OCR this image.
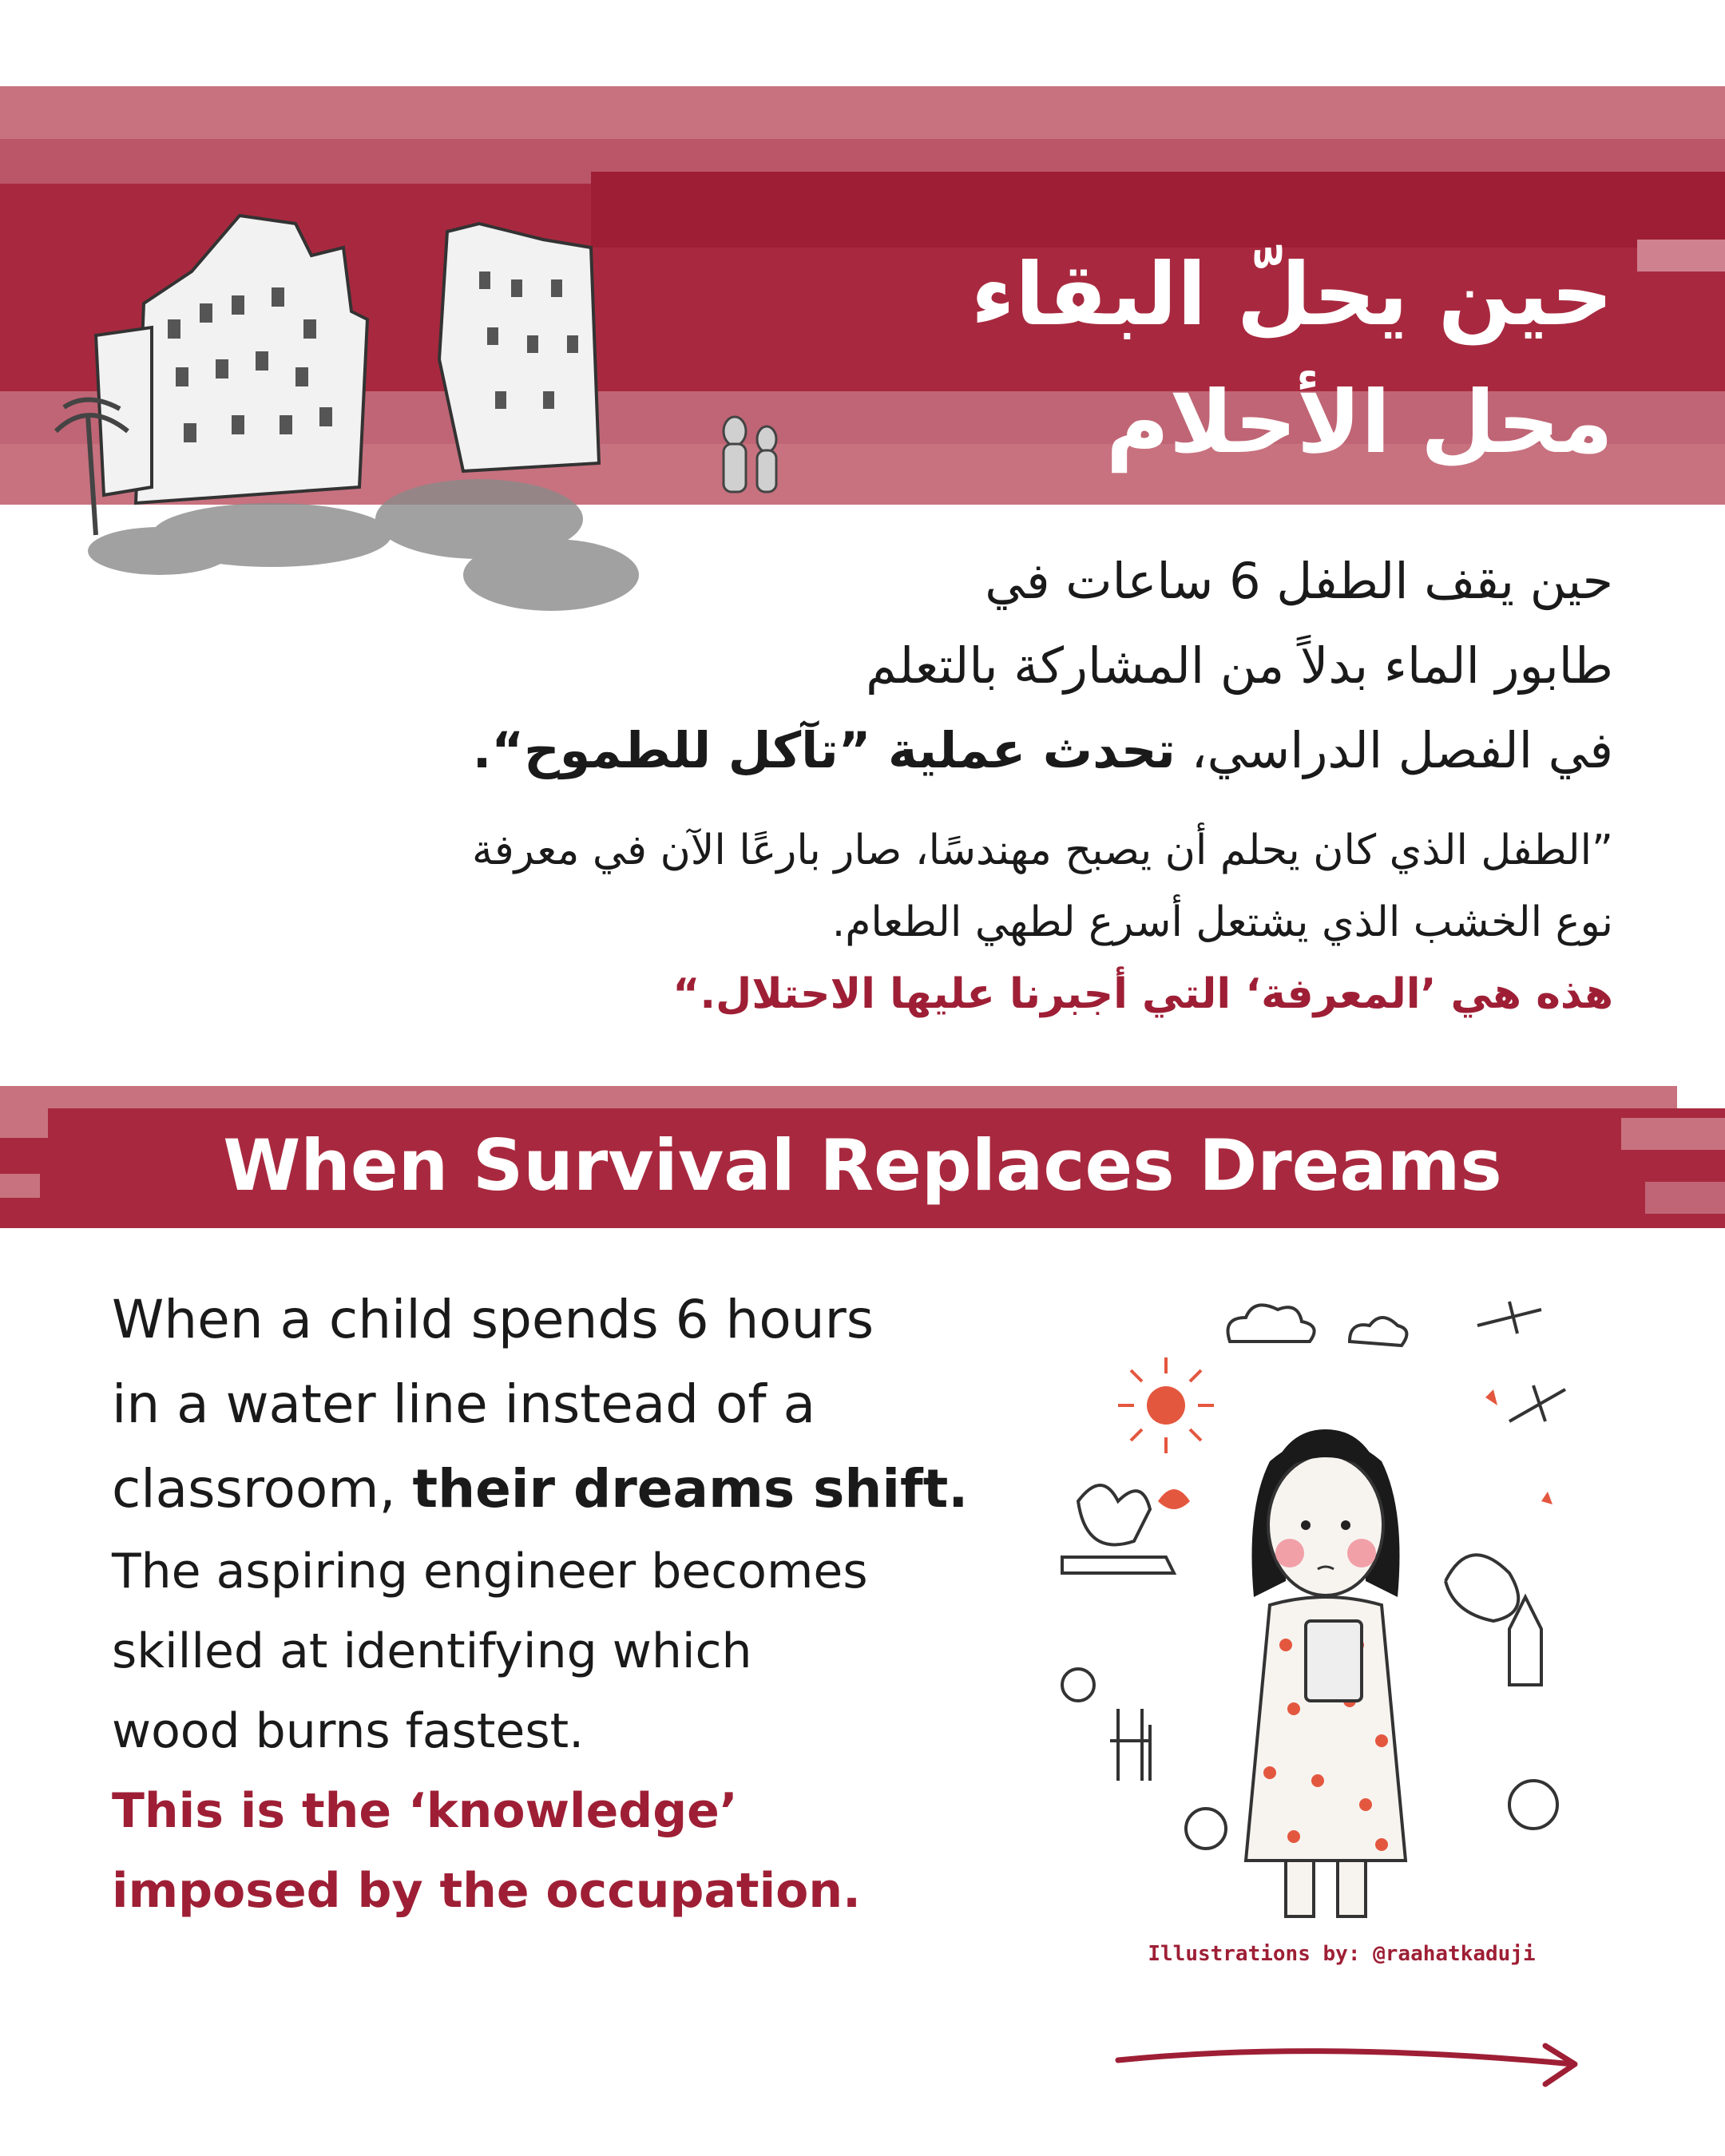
حين يحلّ البقاء
محل الأحلام

حين يقف الطفل 6 ساعات في
طابور الماء بدلاً من المشاركة بالتعلم
في الفصل الدراسي، تحدث عملية ”تآكل للطموح“.

”الطفل الذي كان يحلم أن يصبح مهندسًا، صار بارعًا الآن في معرفة
نوع الخشب الذي يشتعل أسرع لطهي الطعام.
هذه هي ’المعرفة‘ التي أجبرنا عليها الاحتلال.“

When Survival Replaces Dreams

When a child spends 6 hours
in a water line instead of a
classroom, their dreams shift.
The aspiring engineer becomes
skilled at identifying which
wood burns fastest.
This is the ‘knowledge’
imposed by the occupation.

Illustrations by: @raahatkaduji
